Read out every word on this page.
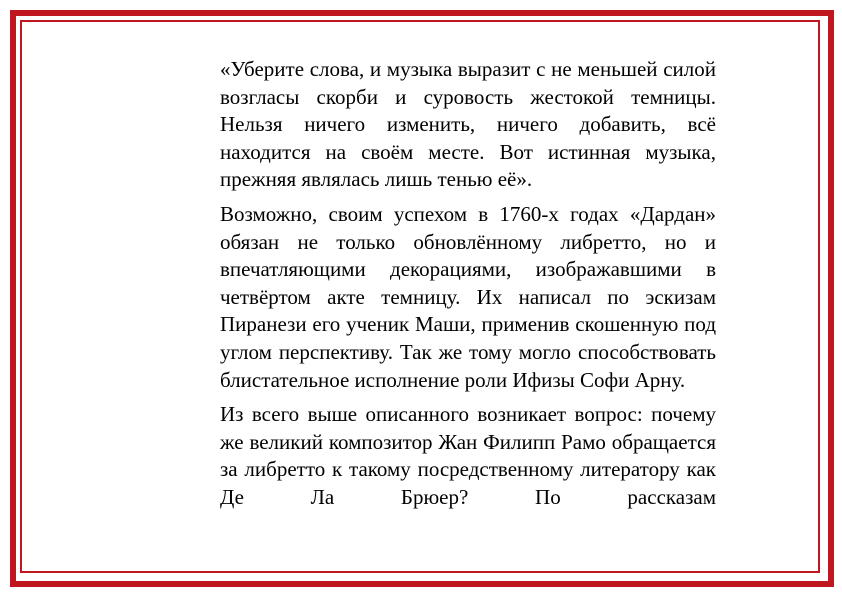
«Уберите слова, и музыка выразит с не меньшей силой возгласы скорби и суровость жестокой темницы. Нельзя ничего изменить, ничего добавить, всё находится на своём месте. Вот истинная музыка, прежняя являлась лишь тенью её».

Возможно, своим успехом в 1760-х годах «Дардан» обязан не только обновлённому либретто, но и впечатляющими декорациями, изображавшими в четвёртом акте темницу. Их написал по эскизам Пиранези его ученик Маши, применив скошенную под углом перспективу. Так же тому могло способствовать блистательное исполнение роли Ифизы Софи Арну.

Из всего выше описанного возникает вопрос: почему же великий композитор Жан Филипп Рамо обращается за либретто к такому посредственному литератору как Де Ла Брюер? По рассказам
